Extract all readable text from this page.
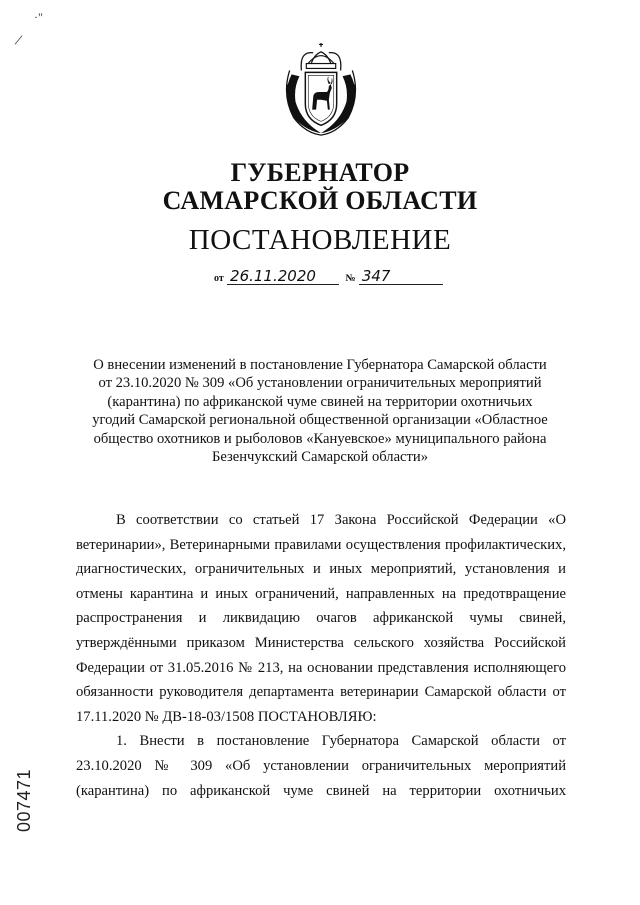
·"
/
ГУБЕРНАТОР
САМАРСКОЙ ОБЛАСТИ
ПОСТАНОВЛЕНИЕ
от 26.11.2020	№ 347
О внесении изменений в постановление Губернатора Самарской области
от 23.10.2020 № 309 «Об установлении ограничительных мероприятий
(карантина) по африканской чуме свиней на территории охотничьих
угодий Самарской региональной общественной организации «Областное
общество охотников и рыболовов «Кануевское» муниципального района
Безенчукский Самарской области»

В соответствии со статьей 17 Закона Российской Федерации «О ветеринарии», Ветеринарными правилами осуществления профилактических, диагностических, ограничительных и иных мероприятий, установления и отмены карантина и иных ограничений, направленных на предотвращение распространения и ликвидацию очагов африканской чумы свиней, утверждёнными приказом Министерства сельского хозяйства Российской Федерации от 31.05.2016 № 213, на основании представления исполняющего обязанности руководителя департамента ветеринарии Самарской области от 17.11.2020 № ДВ-18-03/1508 ПОСТАНОВЛЯЮ:

1. Внести в постановление Губернатора Самарской области от 23.10.2020 № 309 «Об установлении ограничительных мероприятий (карантина) по африканской чуме свиней на территории охотничьих

007471
